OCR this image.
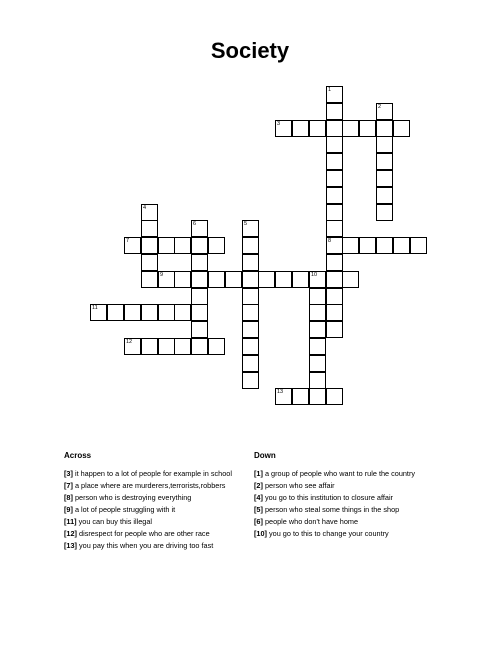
Society
3
7	8
9	10
11
12
13
1
2
4
5
6
Across
[3] it happen to a lot of people for example in school
[7] a place where are murderers,terrorists,robbers
[8] person who is destroying everything
[9] a lot of people struggling with it
[11] you can buy this illegal
[12] disrespect for people who are other race
[13] you pay this when you are driving too fast
Down
[1] a group of people who want to rule the country
[2] person who see affair
[4] you go to this institution to closure affair
[5] person who steal some things in the shop
[6] people who don't have home
[10] you go to this to change your country
